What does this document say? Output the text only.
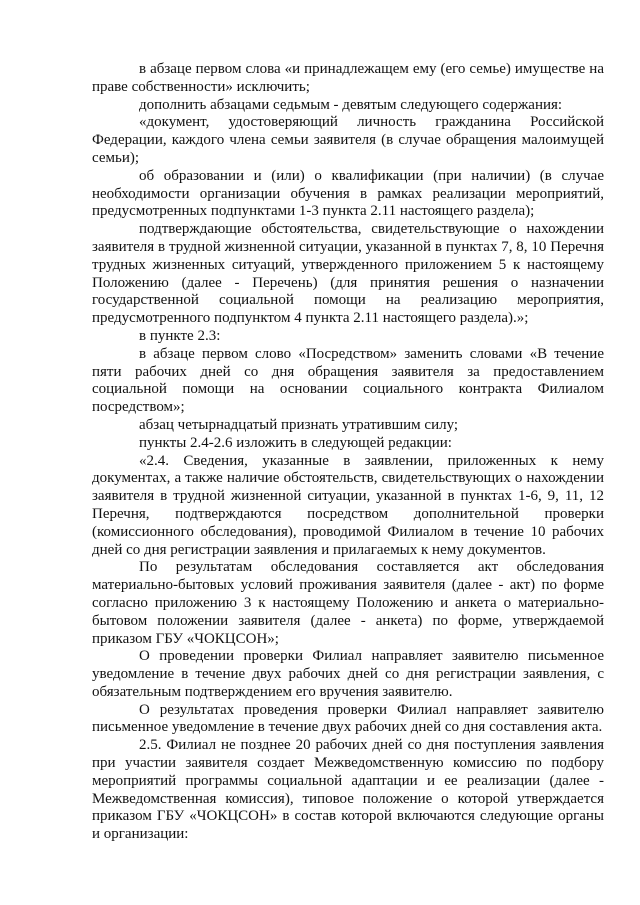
в абзаце первом слова «и принадлежащем ему (его семье) имуществе на праве собственности» исключить;

дополнить абзацами седьмым - девятым следующего содержания:

«документ, удостоверяющий личность гражданина Российской Федерации, каждого члена семьи заявителя (в случае обращения малоимущей семьи);

об образовании и (или) о квалификации (при наличии) (в случае необходимости организации обучения в рамках реализации мероприятий, предусмотренных подпунктами 1-3 пункта 2.11 настоящего раздела);

подтверждающие обстоятельства, свидетельствующие о нахождении заявителя в трудной жизненной ситуации, указанной в пунктах 7, 8, 10 Перечня трудных жизненных ситуаций, утвержденного приложением 5 к настоящему Положению (далее - Перечень) (для принятия решения о назначении государственной социальной помощи на реализацию мероприятия, предусмотренного подпунктом 4 пункта 2.11 настоящего раздела).»;

в пункте 2.3:

в абзаце первом слово «Посредством» заменить словами «В течение пяти рабочих дней со дня обращения заявителя за предоставлением социальной помощи на основании социального контракта Филиалом посредством»;

абзац четырнадцатый признать утратившим силу;

пункты 2.4-2.6 изложить в следующей редакции:

«2.4. Сведения, указанные в заявлении, приложенных к нему документах, а также наличие обстоятельств, свидетельствующих о нахождении заявителя в трудной жизненной ситуации, указанной в пунктах 1-6, 9, 11, 12 Перечня, подтверждаются посредством дополнительной проверки (комиссионного обследования), проводимой Филиалом в течение 10 рабочих дней со дня регистрации заявления и прилагаемых к нему документов.

По результатам обследования составляется акт обследования материально-бытовых условий проживания заявителя (далее - акт) по форме согласно приложению 3 к настоящему Положению и анкета о материально-бытовом положении заявителя (далее - анкета) по форме, утверждаемой приказом ГБУ «ЧОКЦСОН»;

О проведении проверки Филиал направляет заявителю письменное уведомление в течение двух рабочих дней со дня регистрации заявления, с обязательным подтверждением его вручения заявителю.

О результатах проведения проверки Филиал направляет заявителю письменное уведомление в течение двух рабочих дней со дня составления акта.

2.5. Филиал не позднее 20 рабочих дней со дня поступления заявления при участии заявителя создает Межведомственную комиссию по подбору мероприятий программы социальной адаптации и ее реализации (далее - Межведомственная комиссия), типовое положение о которой утверждается приказом ГБУ «ЧОКЦСОН» в состав которой включаются следующие органы и организации:
